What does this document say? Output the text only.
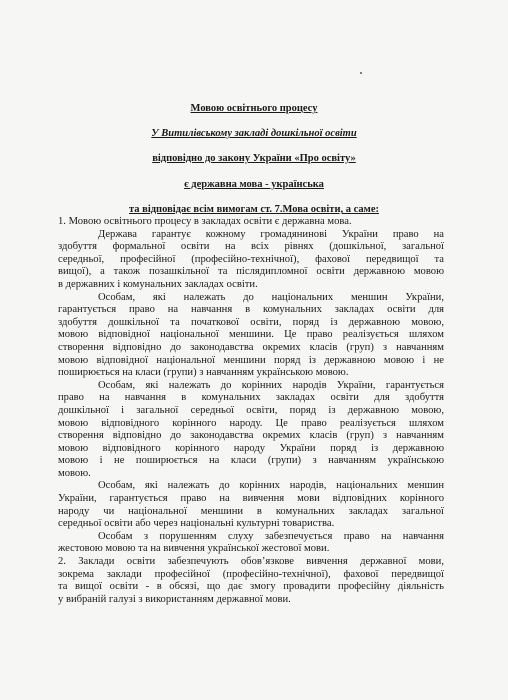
Мовою освітнього процесу
У Витилівському закладі дошкільної освіти
відповідно до закону України «Про освіту»
є державна мова - українська
та відповідає всім вимогам ст. 7.Мова освіти, а саме:
1. Мовою освітнього процесу в закладах освіти є державна мова.
Держава гарантує кожному громадянинові України право на
здобуття формальної освіти на всіх рівнях (дошкільної, загальної
середньої, професійної (професійно-технічної), фахової передвищої та
вищої), а також позашкільної та післядипломної освіти державною мовою
в державних і комунальних закладах освіти.
Особам, які належать до національних меншин України,
гарантується право на навчання в комунальних закладах освіти для
здобуття дошкільної та початкової освіти, поряд із державною мовою,
мовою відповідної національної меншини. Це право реалізується шляхом
створення відповідно до законодавства окремих класів (груп) з навчанням
мовою відповідної національної меншини поряд із державною мовою і не
поширюється на класи (групи) з навчанням українською мовою.
Особам, які належать до корінних народів України, гарантується
право на навчання в комунальних закладах освіти для здобуття
дошкільної і загальної середньої освіти, поряд із державною мовою,
мовою відповідного корінного народу. Це право реалізується шляхом
створення відповідно до законодавства окремих класів (груп) з навчанням
мовою відповідного корінного народу України поряд із державною
мовою і не поширюється на класи (групи) з навчанням українською
мовою.
Особам, які належать до корінних народів, національних меншин
України, гарантується право на вивчення мови відповідних корінного
народу чи національної меншини в комунальних закладах загальної
середньої освіти або через національні культурні товариства.
Особам з порушенням слуху забезпечується право на навчання
жестовою мовою та на вивчення української жестової мови.
2. Заклади освіти забезпечують обов’язкове вивчення державної мови,
зокрема заклади професійної (професійно-технічної), фахової передвищої
та вищої освіти - в обсязі, що дає змогу провадити професійну діяльність
у вибраній галузі з використанням державної мови.
